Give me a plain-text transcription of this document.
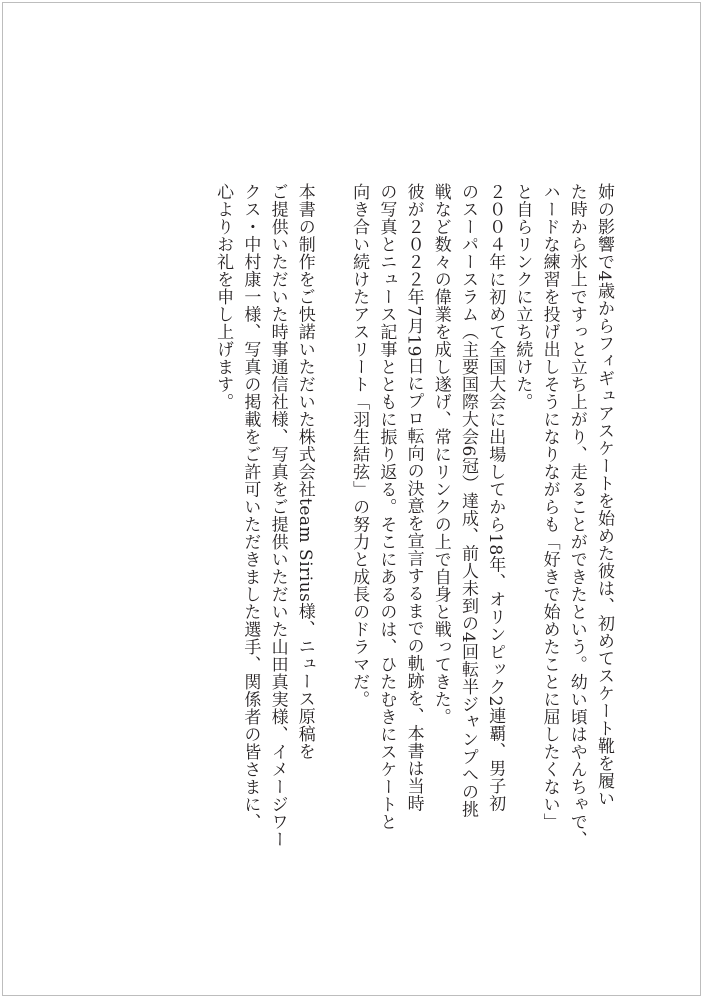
姉の影響で4歳からフィギュアスケートを始めた彼は、初めてスケート靴を履い
た時から氷上ですっと立ち上がり、走ることができたという。幼い頃はやんちゃで、
ハードな練習を投げ出しそうになりながらも「好きで始めたことに屈したくない」
と自らリンクに立ち続けた。
２００４年に初めて全国大会に出場してから18年、オリンピック2連覇、男子初
のスーパースラム（主要国際大会6冠）達成、前人未到の4回転半ジャンプへの挑
戦など数々の偉業を成し遂げ、常にリンクの上で自身と戦ってきた。
彼が２０２２年7月19日にプロ転向の決意を宣言するまでの軌跡を、本書は当時
の写真とニュース記事とともに振り返る。そこにあるのは、ひたむきにスケートと
向き合い続けたアスリート「羽生結弦」の努力と成長のドラマだ。
本書の制作をご快諾いただいた株式会社team Sirius様、ニュース原稿を
ご提供いただいた時事通信社様、写真をご提供いただいた山田真実様、イメージワー
クス・中村康一様、写真の掲載をご許可いただきました選手、関係者の皆さまに、
心よりお礼を申し上げます。
